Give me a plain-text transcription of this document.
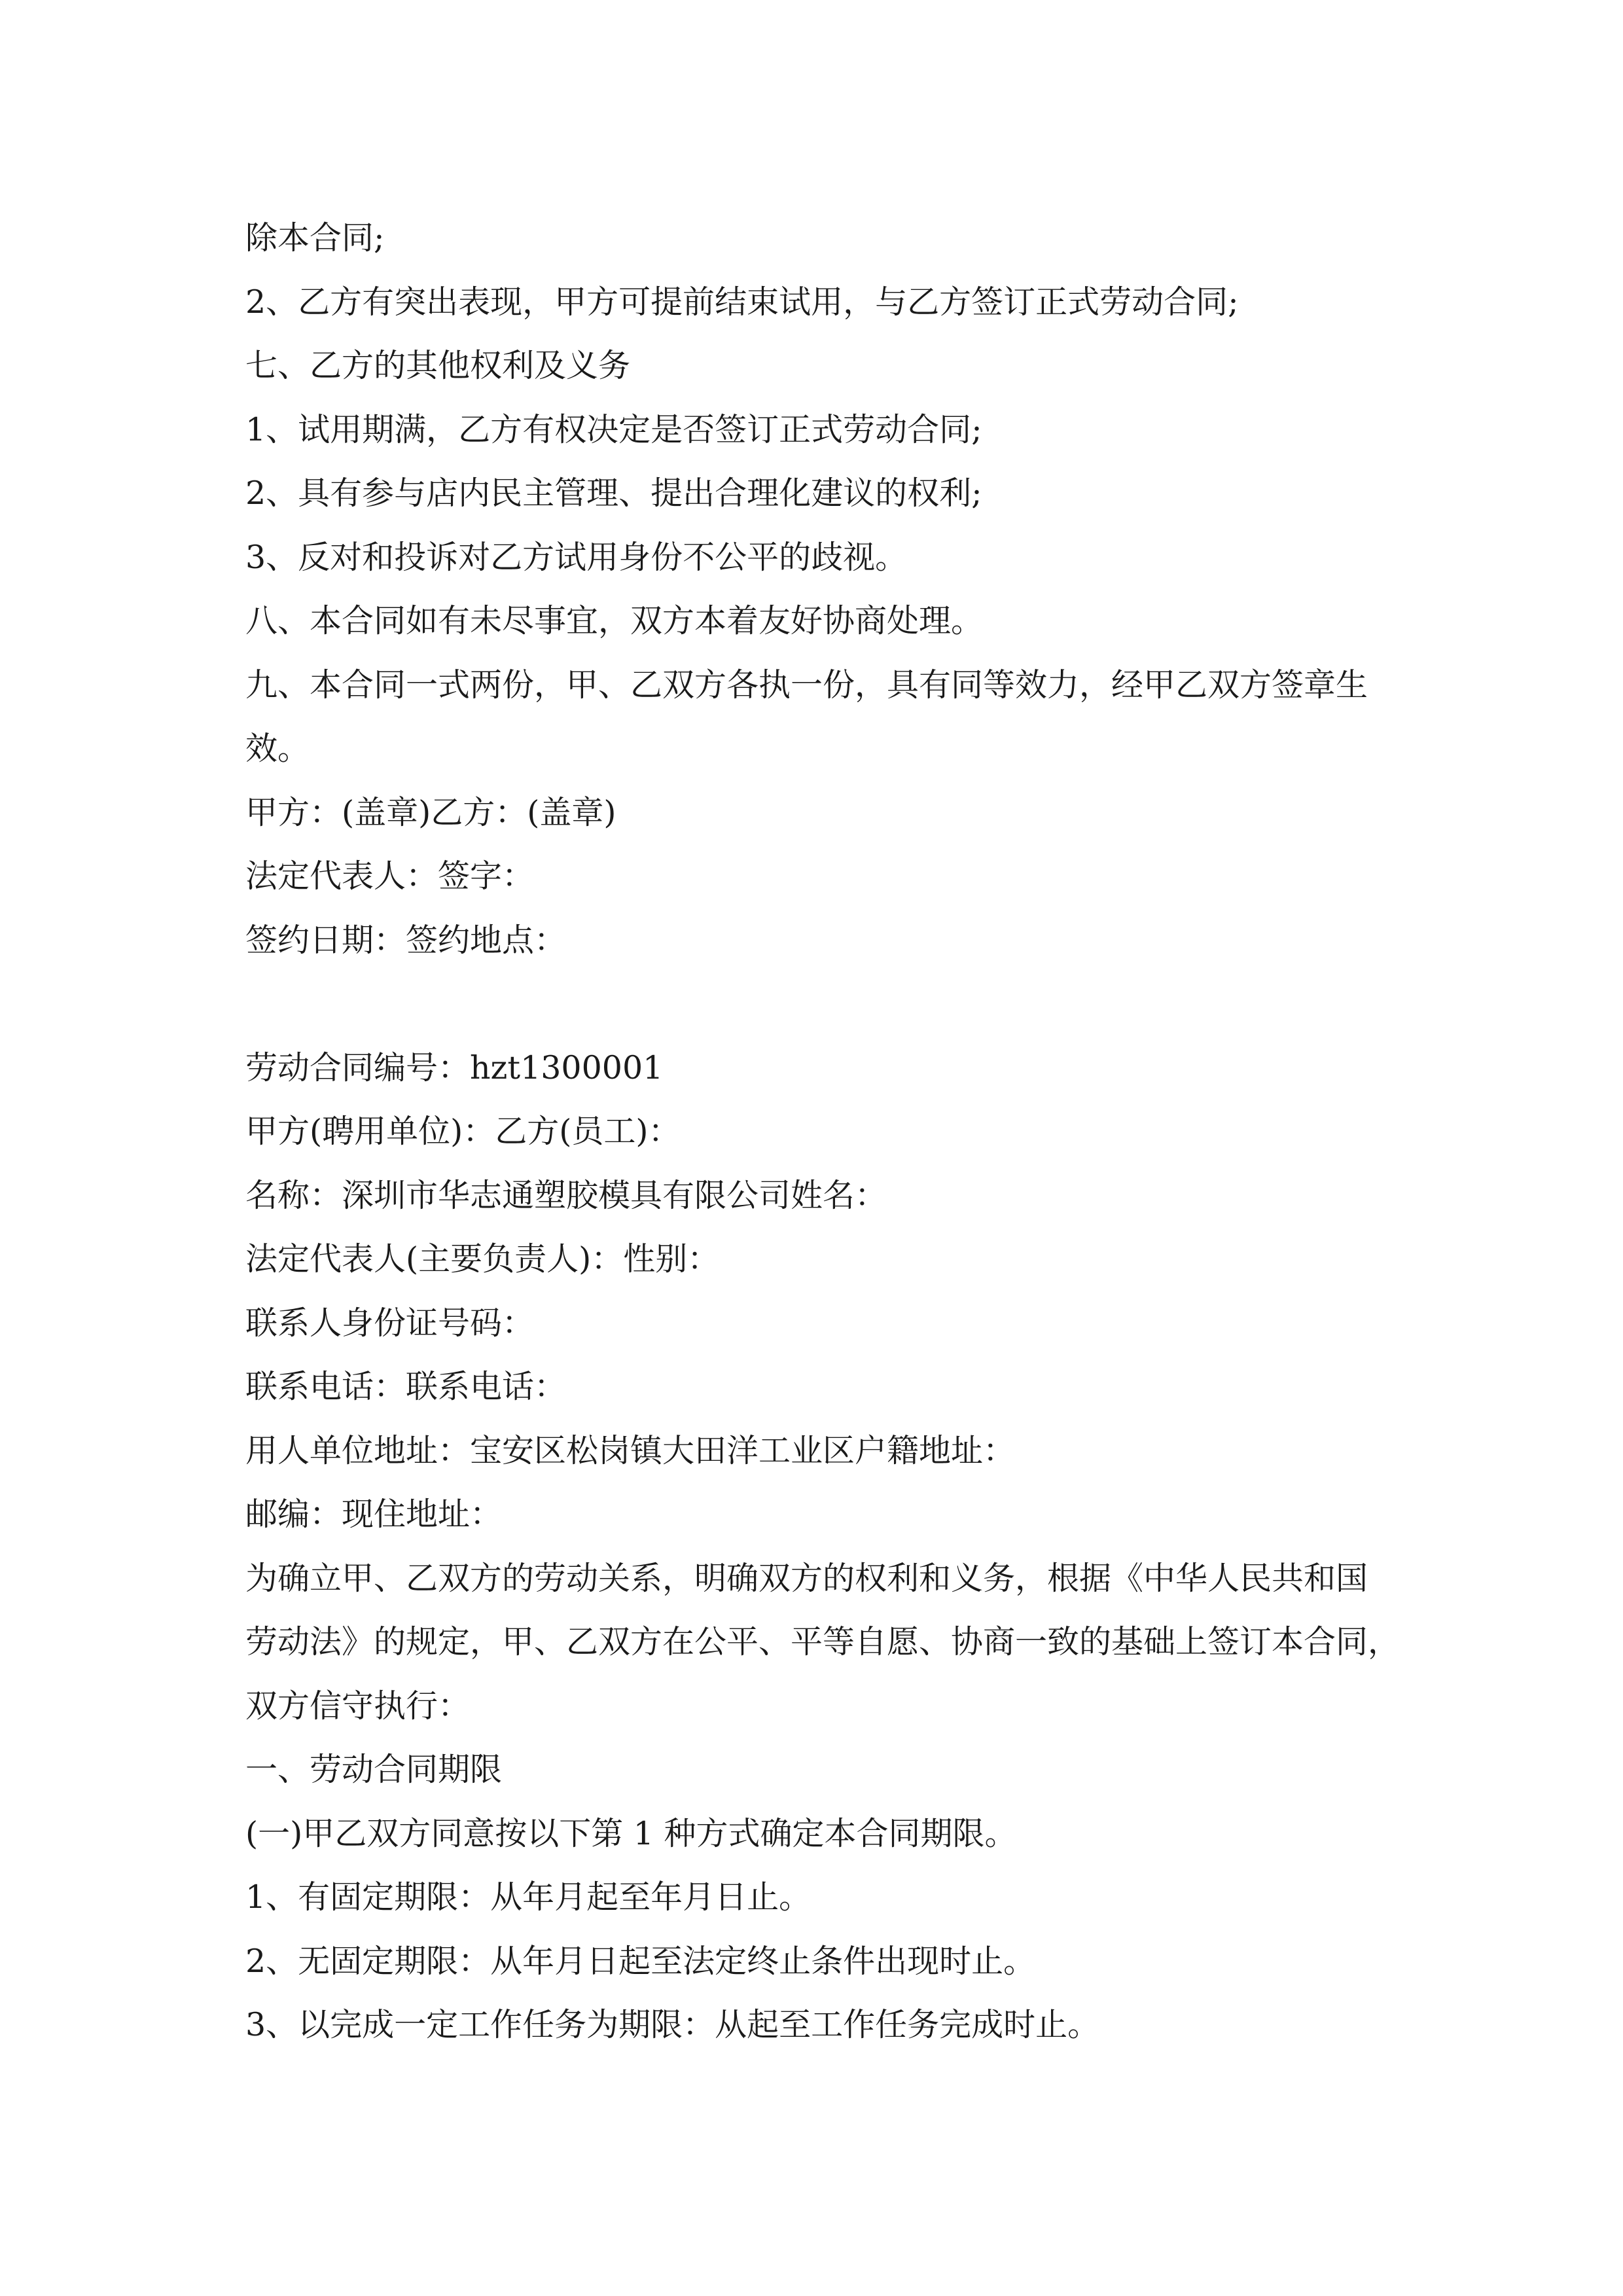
除本合同;
2、乙方有突出表现，甲方可提前结束试用，与乙方签订正式劳动合同;
七、乙方的其他权利及义务
1、试用期满，乙方有权决定是否签订正式劳动合同;
2、具有参与店内民主管理、提出合理化建议的权利;
3、反对和投诉对乙方试用身份不公平的歧视。
八、本合同如有未尽事宜，双方本着友好协商处理。
九、本合同一式两份，甲、乙双方各执一份，具有同等效力，经甲乙双方签章生
效。
甲方：(盖章)乙方：(盖章)
法定代表人：签字：
签约日期：签约地点：
劳动合同编号：hzt1300001
甲方(聘用单位)：乙方(员工)：
名称：深圳市华志通塑胶模具有限公司姓名：
法定代表人(主要负责人)：性别：
联系人身份证号码：
联系电话：联系电话：
用人单位地址：宝安区松岗镇大田洋工业区户籍地址：
邮编：现住地址：
为确立甲、乙双方的劳动关系，明确双方的权利和义务，根据《中华人民共和国
劳动法》的规定，甲、乙双方在公平、平等自愿、协商一致的基础上签订本合同，
双方信守执行：
一、劳动合同期限
(一)甲乙双方同意按以下第 1 种方式确定本合同期限。
1、有固定期限：从年月起至年月日止。
2、无固定期限：从年月日起至法定终止条件出现时止。
3、以完成一定工作任务为期限：从起至工作任务完成时止。
